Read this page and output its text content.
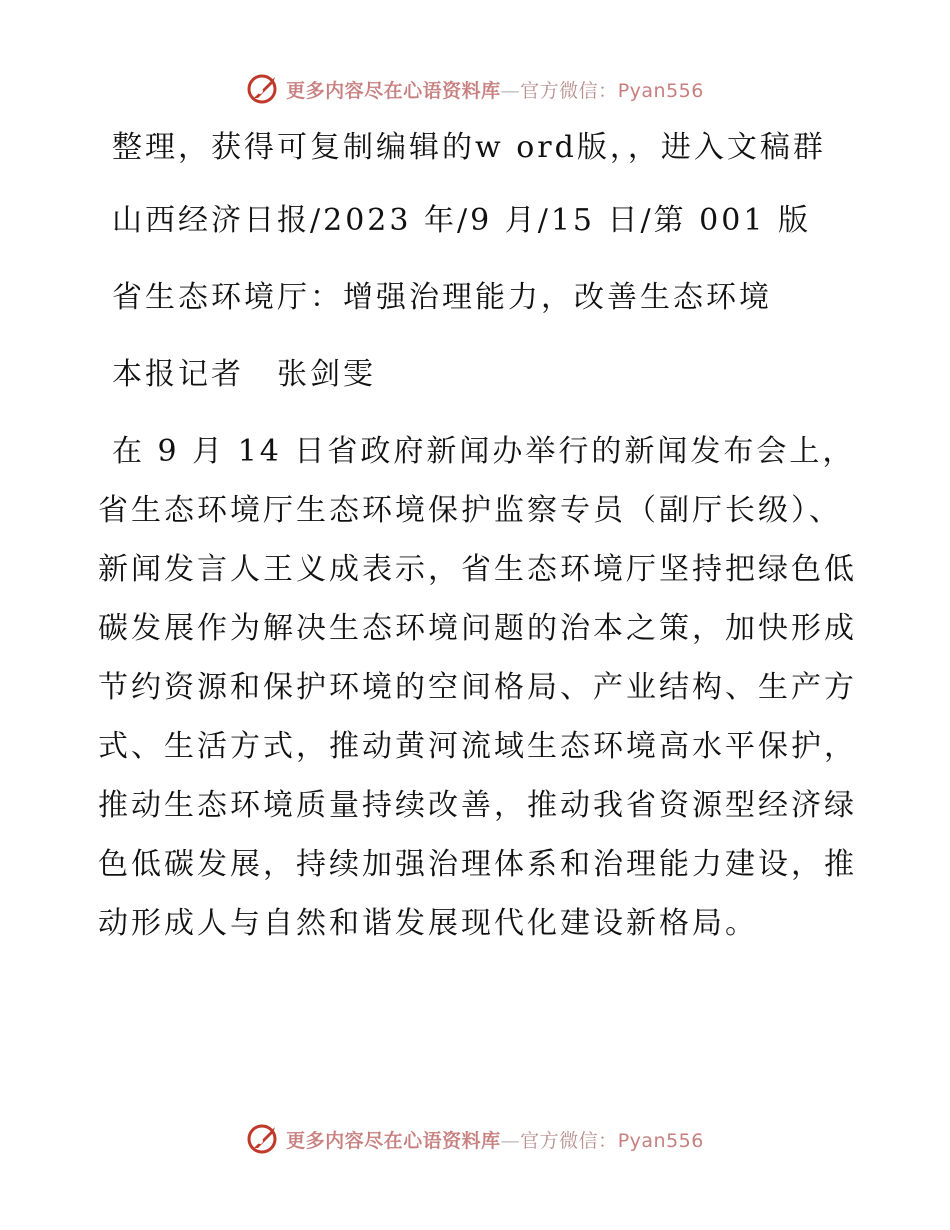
更多内容尽在心语资料库—官方微信：Pyan556

整理，获得可复制编辑的w ord版，，进入文稿群

山西经济日报/2023 年/9 月/15 日/第 001 版

省生态环境厅：增强治理能力，改善生态环境

本报记者　张剑雯

在 9 月 14 日省政府新闻办举行的新闻发布会上，省生态环境厅生态环境保护监察专员（副厅长级）、新闻发言人王义成表示，省生态环境厅坚持把绿色低碳发展作为解决生态环境问题的治本之策，加快形成节约资源和保护环境的空间格局、产业结构、生产方式、生活方式，推动黄河流域生态环境高水平保护，推动生态环境质量持续改善，推动我省资源型经济绿色低碳发展，持续加强治理体系和治理能力建设，推动形成人与自然和谐发展现代化建设新格局。

更多内容尽在心语资料库—官方微信：Pyan556
